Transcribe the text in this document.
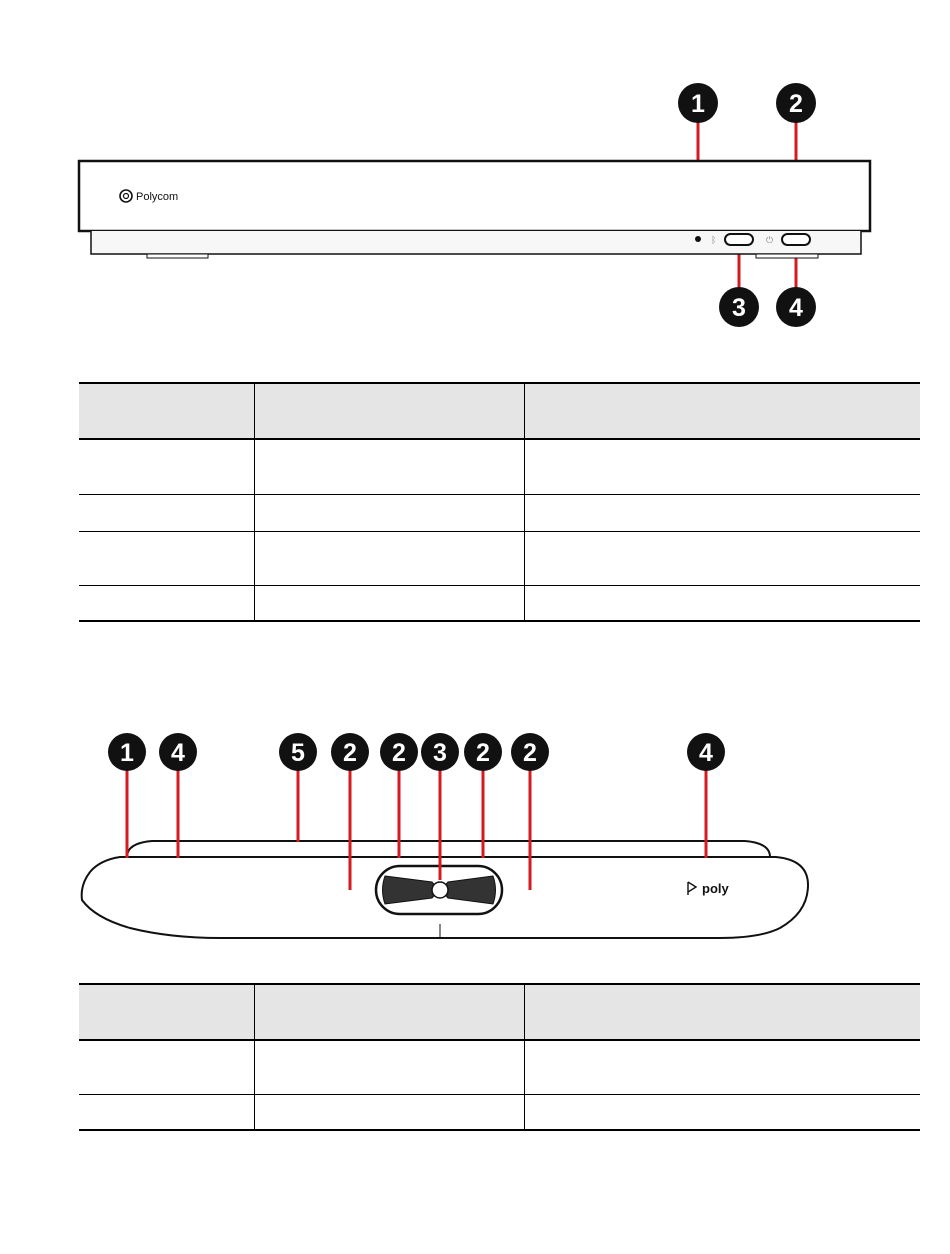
Polycom
ᛒ	⏻
1	2
3 4

poly
1 4	5 2 2 3 2 2	4
